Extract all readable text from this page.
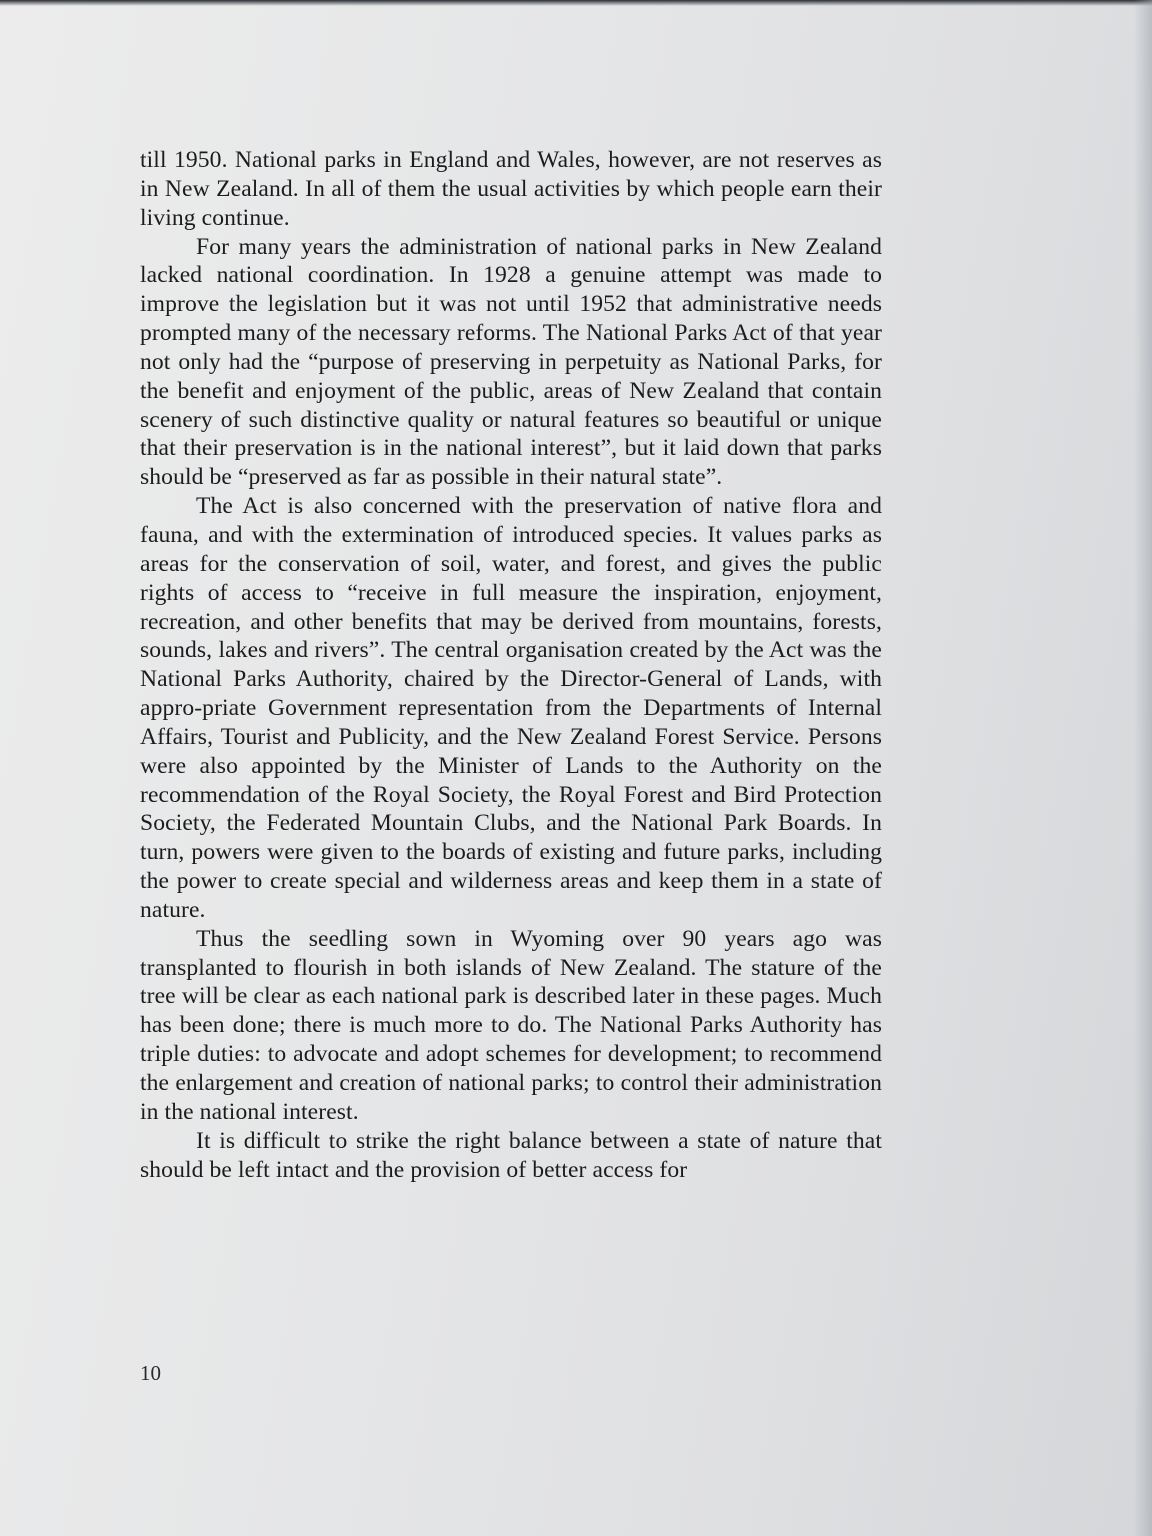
till 1950. National parks in England and Wales, however, are not reserves as in New Zealand. In all of them the usual activities by which people earn their living continue.

For many years the administration of national parks in New Zealand lacked national coordination. In 1928 a genuine attempt was made to improve the legislation but it was not until 1952 that administrative needs prompted many of the necessary reforms. The National Parks Act of that year not only had the “purpose of preserving in perpetuity as National Parks, for the benefit and enjoyment of the public, areas of New Zealand that contain scenery of such distinctive quality or natural features so beautiful or unique that their preservation is in the national interest”, but it laid down that parks should be “preserved as far as possible in their natural state”.

The Act is also concerned with the preservation of native flora and fauna, and with the extermination of introduced species. It values parks as areas for the conservation of soil, water, and forest, and gives the public rights of access to “receive in full measure the inspiration, enjoyment, recreation, and other benefits that may be derived from mountains, forests, sounds, lakes and rivers”. The central organisation created by the Act was the National Parks Authority, chaired by the Director-General of Lands, with appro-priate Government representation from the Departments of Internal Affairs, Tourist and Publicity, and the New Zealand Forest Service. Persons were also appointed by the Minister of Lands to the Authority on the recommendation of the Royal Society, the Royal Forest and Bird Protection Society, the Federated Mountain Clubs, and the National Park Boards. In turn, powers were given to the boards of existing and future parks, including the power to create special and wilderness areas and keep them in a state of nature.

Thus the seedling sown in Wyoming over 90 years ago was transplanted to flourish in both islands of New Zealand. The stature of the tree will be clear as each national park is described later in these pages. Much has been done; there is much more to do. The National Parks Authority has triple duties: to advocate and adopt schemes for development; to recommend the enlargement and creation of national parks; to control their administration in the national interest.

It is difficult to strike the right balance between a state of nature that should be left intact and the provision of better access for

10
